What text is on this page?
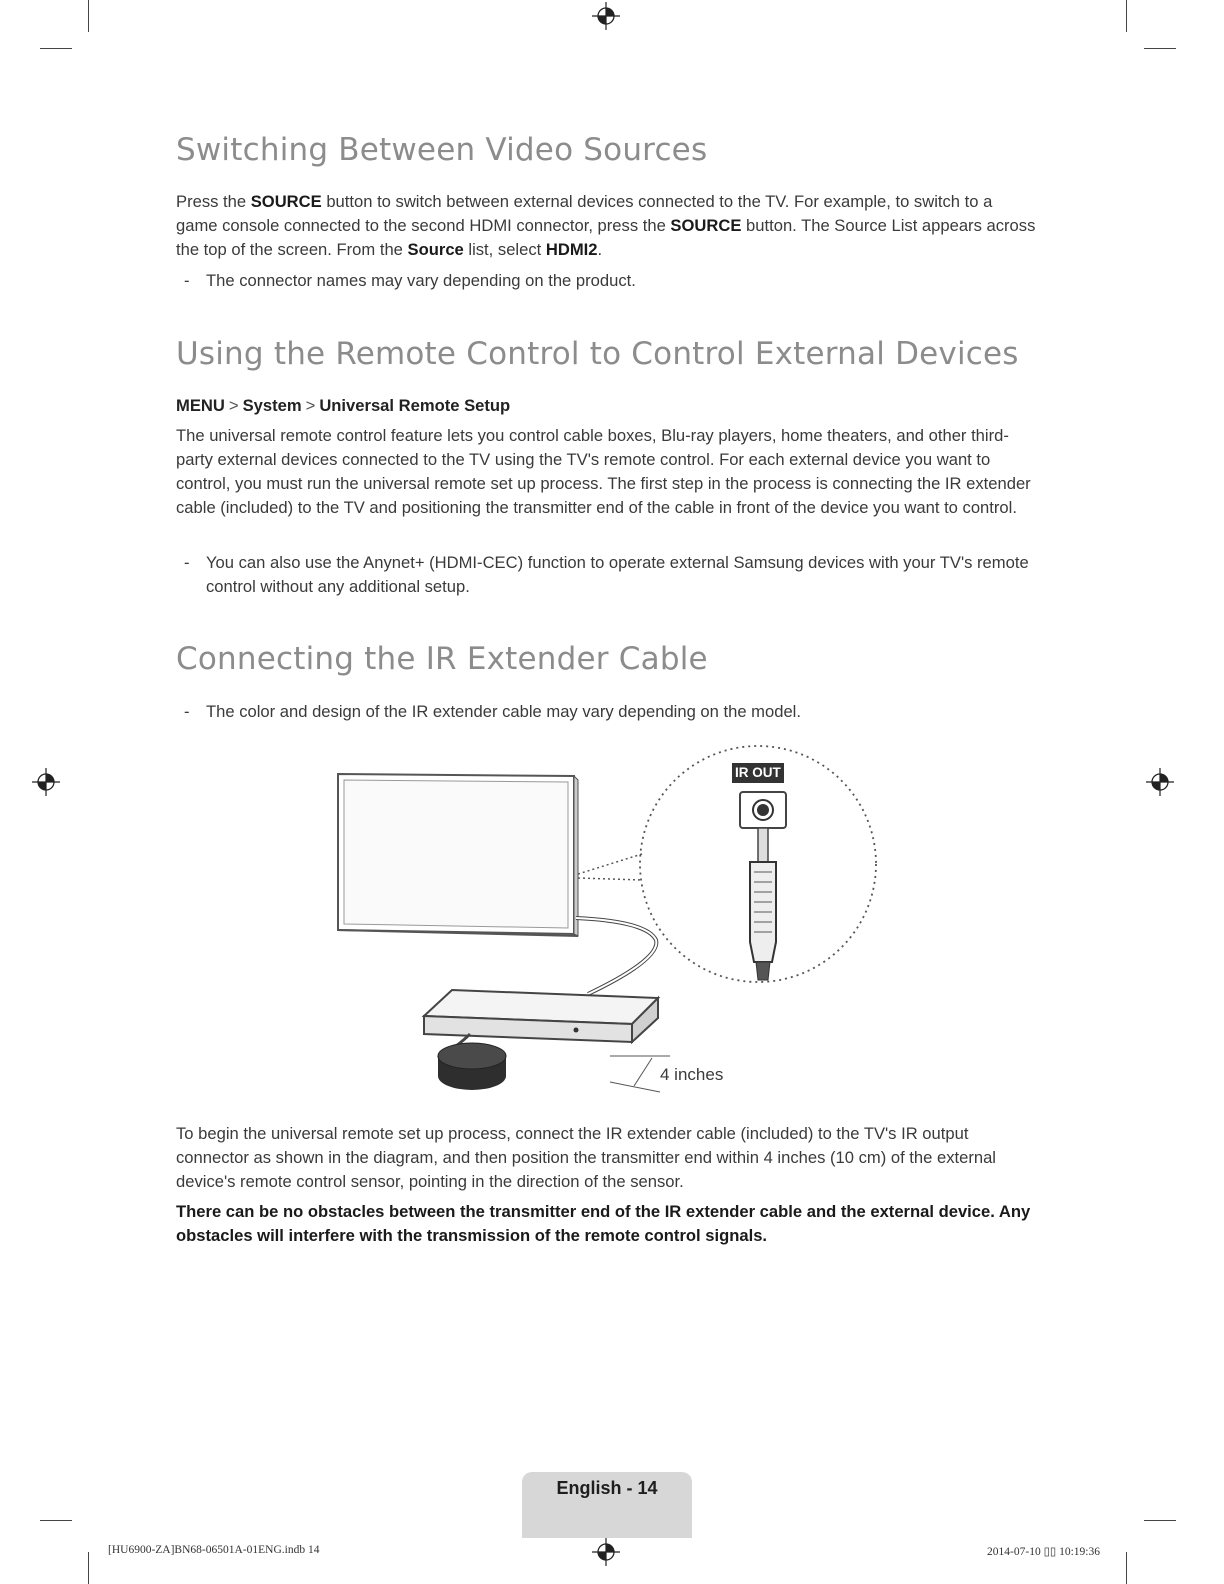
Switching Between Video Sources

Press the SOURCE button to switch between external devices connected to the TV. For example, to switch to a game console connected to the second HDMI connector, press the SOURCE button. The Source List appears across the top of the screen. From the Source list, select HDMI2.

- The connector names may vary depending on the product.
Using the Remote Control to Control External Devices
MENU > System > Universal Remote Setup

The universal remote control feature lets you control cable boxes, Blu-ray players, home theaters, and other third-party external devices connected to the TV using the TV's remote control. For each external device you want to control, you must run the universal remote set up process. The first step in the process is connecting the IR extender cable (included) to the TV and positioning the transmitter end of the cable in front of the device you want to control.

- You can also use the Anynet+ (HDMI-CEC) function to operate external Samsung devices with your TV's remote control without any additional setup.
Connecting the IR Extender Cable
- The color and design of the IR extender cable may vary depending on the model.
IR OUT
4 inches

To begin the universal remote set up process, connect the IR extender cable (included) to the TV's IR output connector as shown in the diagram, and then position the transmitter end within 4 inches (10 cm) of the external device's remote control sensor, pointing in the direction of the sensor.

There can be no obstacles between the transmitter end of the IR extender cable and the external device. Any obstacles will interfere with the transmission of the remote control signals.

English - 14
[HU6900-ZA]BN68-06501A-01ENG.indb 14	2014-07-10 ▯▯ 10:19:36
